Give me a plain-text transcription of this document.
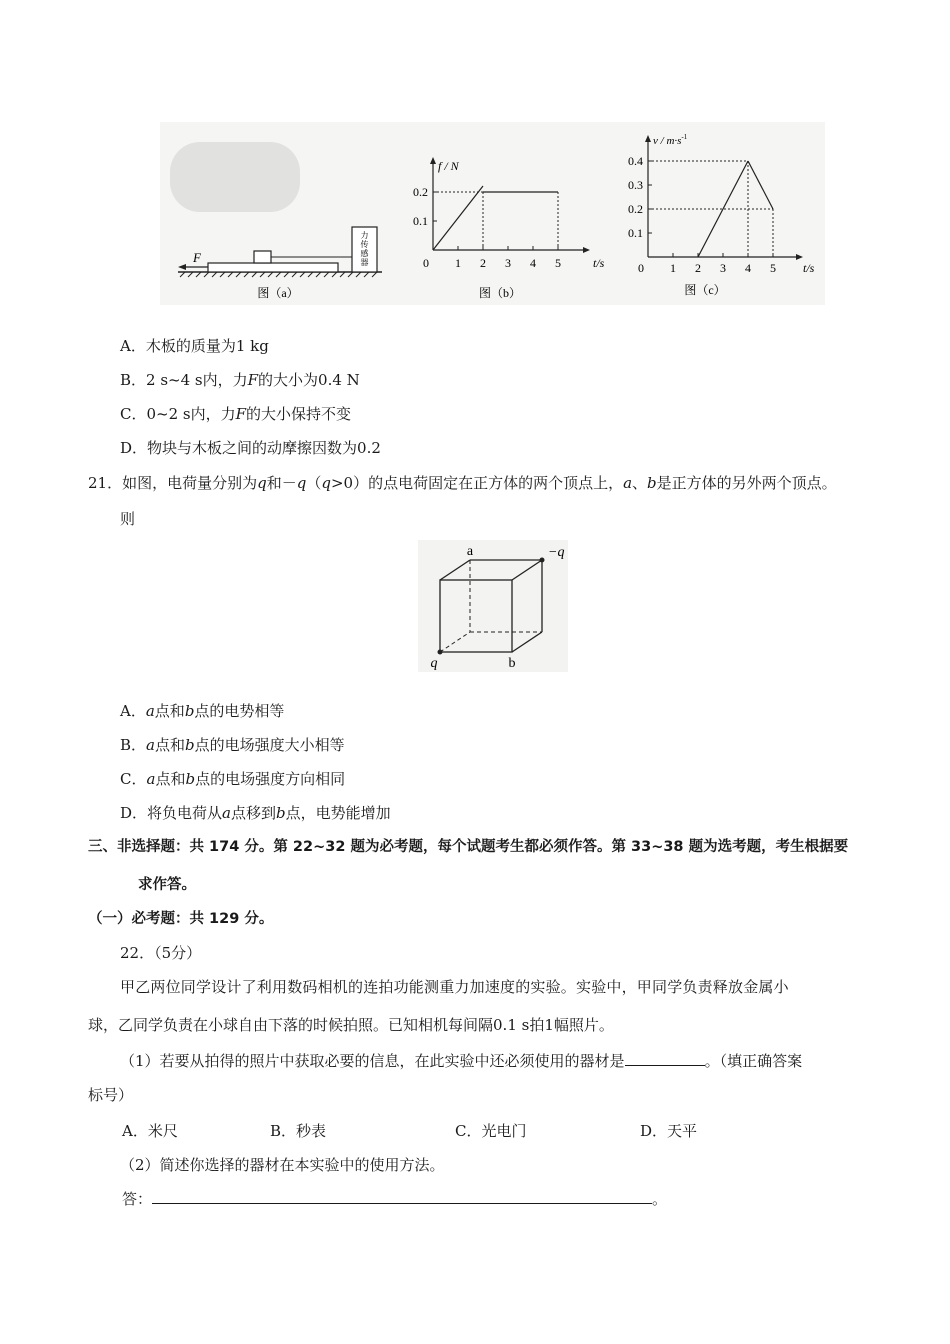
力
传
感
器
F
图（a）
f / N
t/s
0 1 2 3 4 5
0.1
0.2
图（b）
$v / m\cdot s^{-1}$
t/s
0 1 2 3 4 5
0.1
0.2
0.3
0.4
图（c）
A．木板的质量为1 kg
B．2 s~4 s内，力F的大小为0.4 N
C．0~2 s内，力F的大小保持不变
D．物块与木板之间的动摩擦因数为0.2
21．如图，电荷量分别为q和－q（q>0）的点电荷固定在正方体的两个顶点上，a、b是正方体的另外两个顶点。
则
a	−q
q	b
A．a点和b点的电势相等
B．a点和b点的电场强度大小相等
C．a点和b点的电场强度方向相同
D．将负电荷从a点移到b点，电势能增加
三、非选择题：共 174 分。第 22~32 题为必考题，每个试题考生都必须作答。第 33~38 题为选考题，考生根据要
求作答。
（一）必考题：共 129 分。
22．（5分）
甲乙两位同学设计了利用数码相机的连拍功能测重力加速度的实验。实验中，甲同学负责释放金属小
球，乙同学负责在小球自由下落的时候拍照。已知相机每间隔0.1 s拍1幅照片。
（1）若要从拍得的照片中获取必要的信息，在此实验中还必须使用的器材是	。（填正确答案
标号）
A．米尺	B．秒表	C．光电门	D．天平
（2）简述你选择的器材在本实验中的使用方法。
答：	。
